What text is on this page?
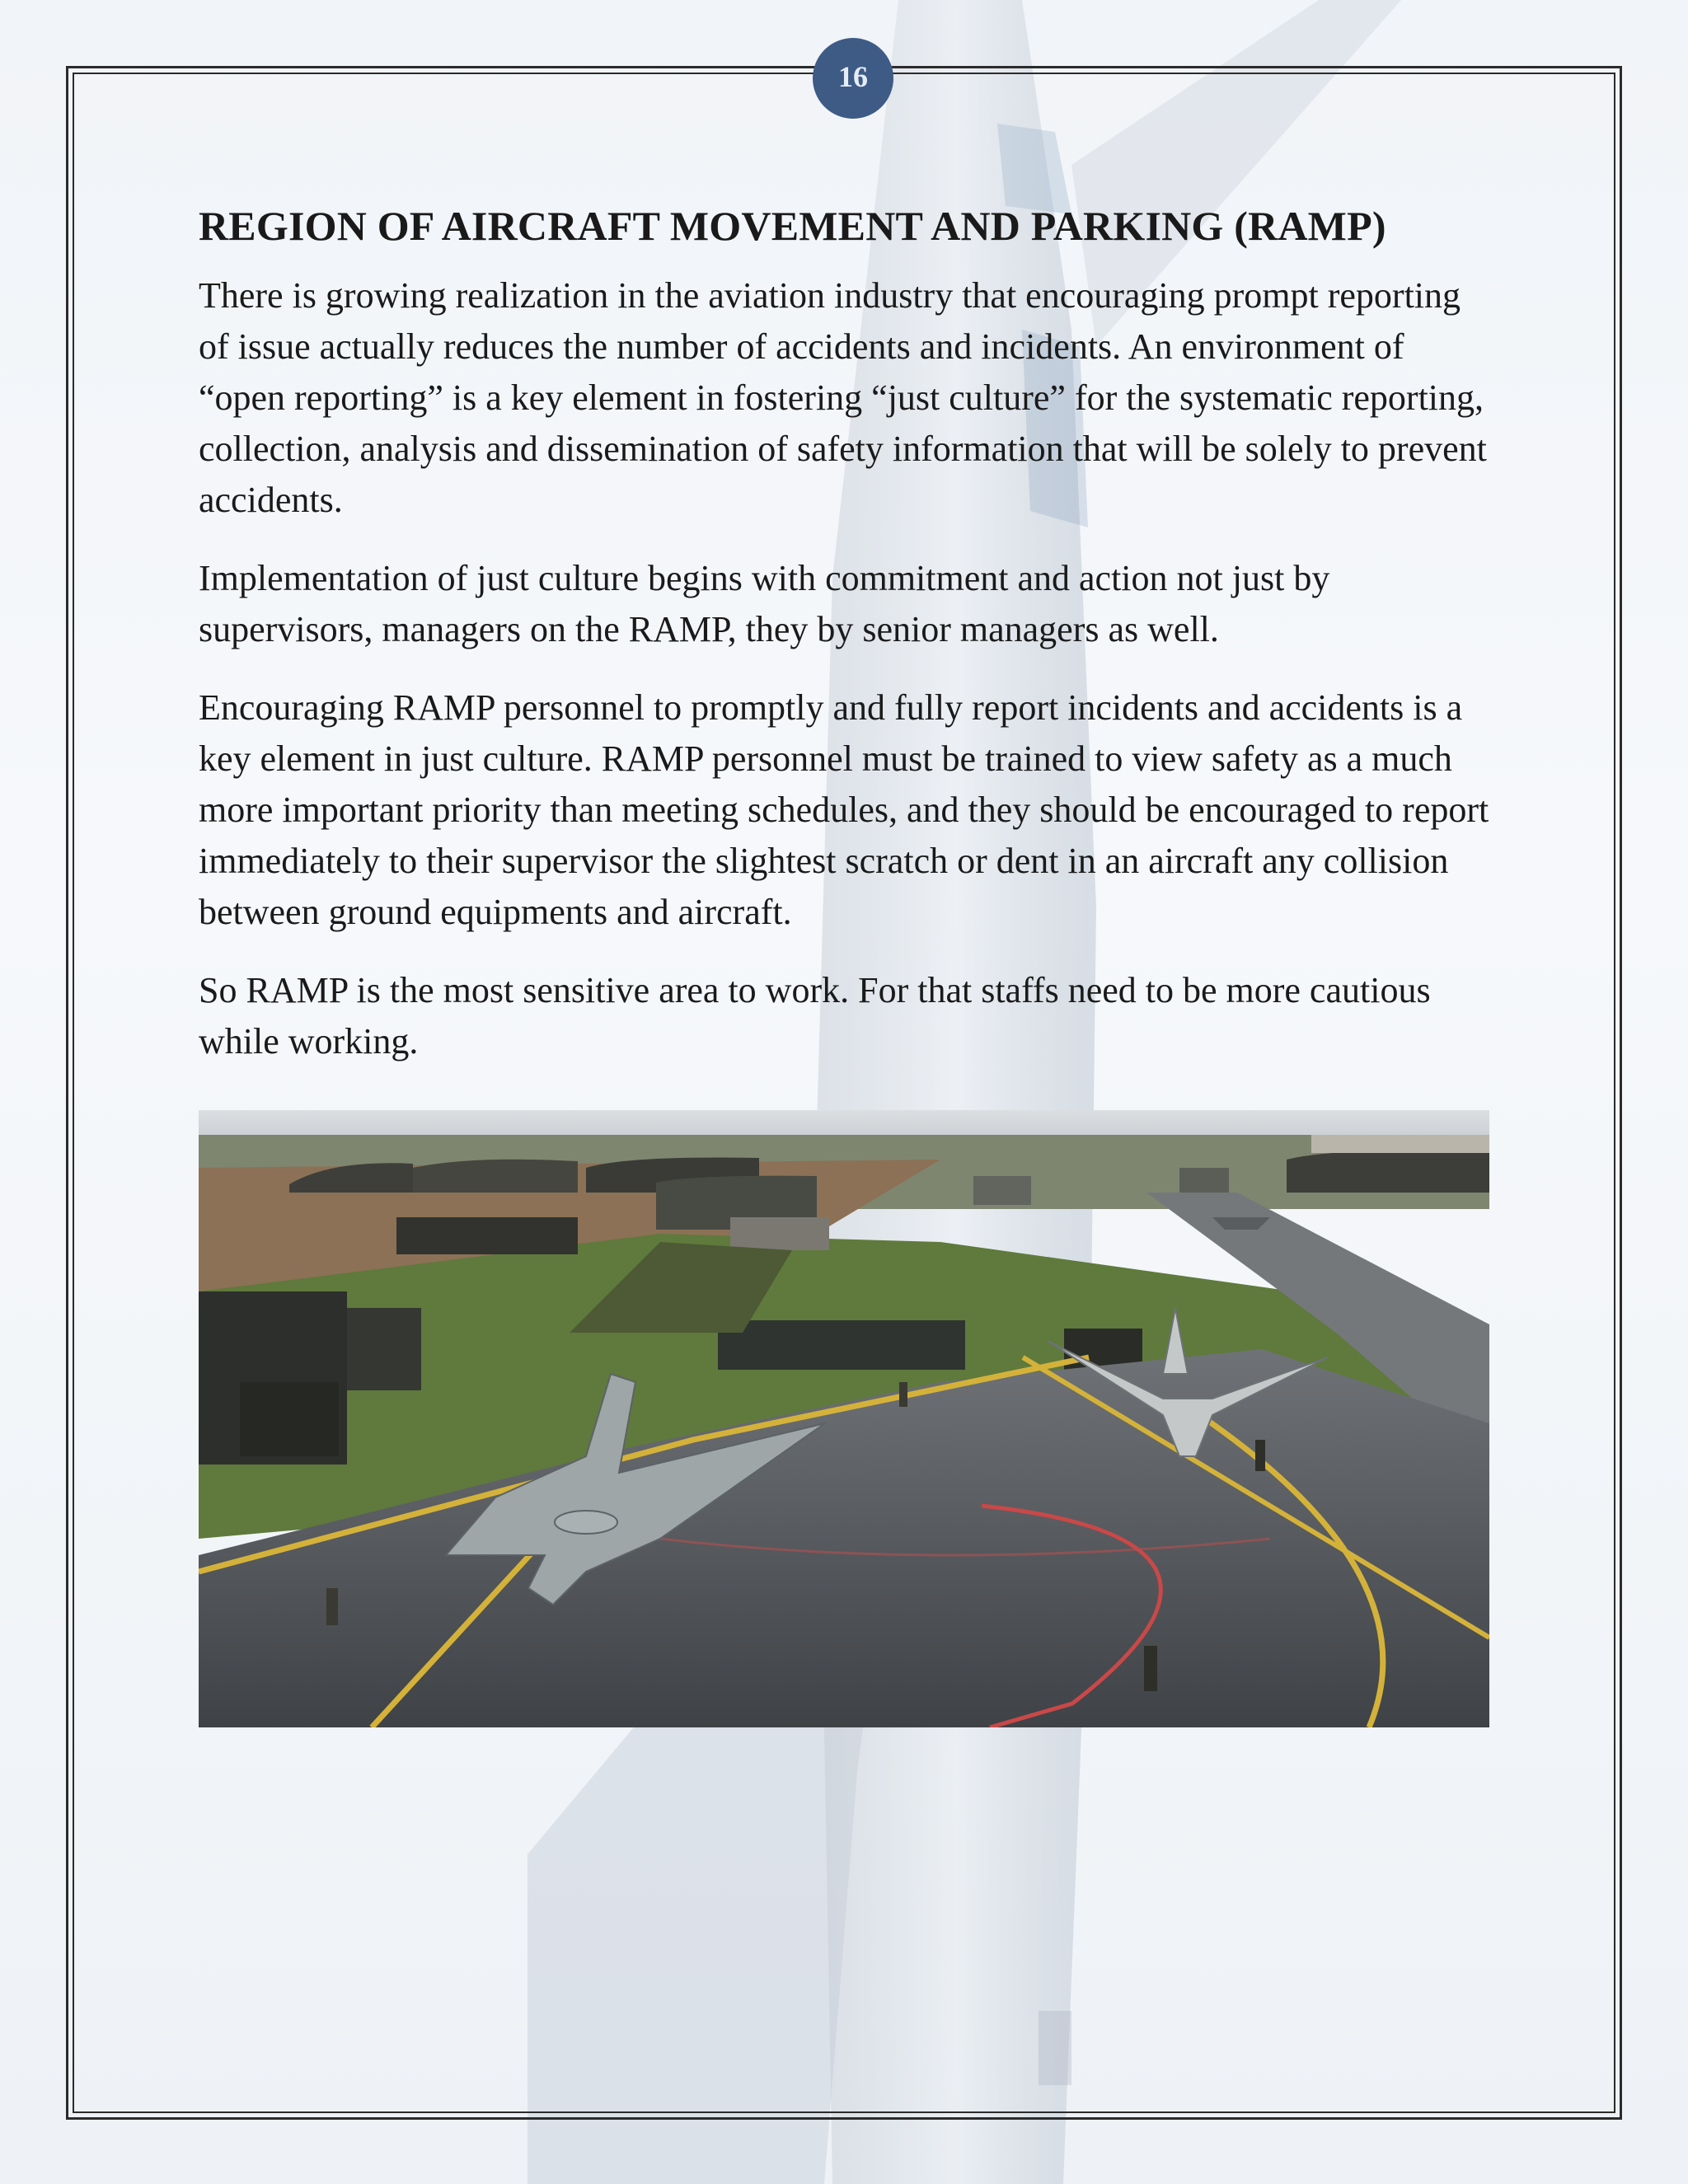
16
REGION OF AIRCRAFT MOVEMENT AND PARKING (RAMP)

There is growing realization in the aviation industry that encouraging prompt reporting of issue actually reduces the number of accidents and incidents. An environment of “open reporting” is a key element in fostering “just culture” for the systematic reporting, collection, analysis and dissemination of safety information that will be solely to prevent accidents.

Implementation of just culture begins with commitment and action not just by supervisors, managers on the RAMP, they by senior managers as well.

Encouraging RAMP personnel to promptly and fully report incidents and accidents is a key element in just culture. RAMP personnel must be trained to view safety as a much more important priority than meeting schedules, and they should be encouraged to report immediately to their supervisor the slightest scratch or dent in an aircraft any collision between ground equipments and aircraft.

So RAMP is the most sensitive area to work. For that staffs need to be more cautious while working.
